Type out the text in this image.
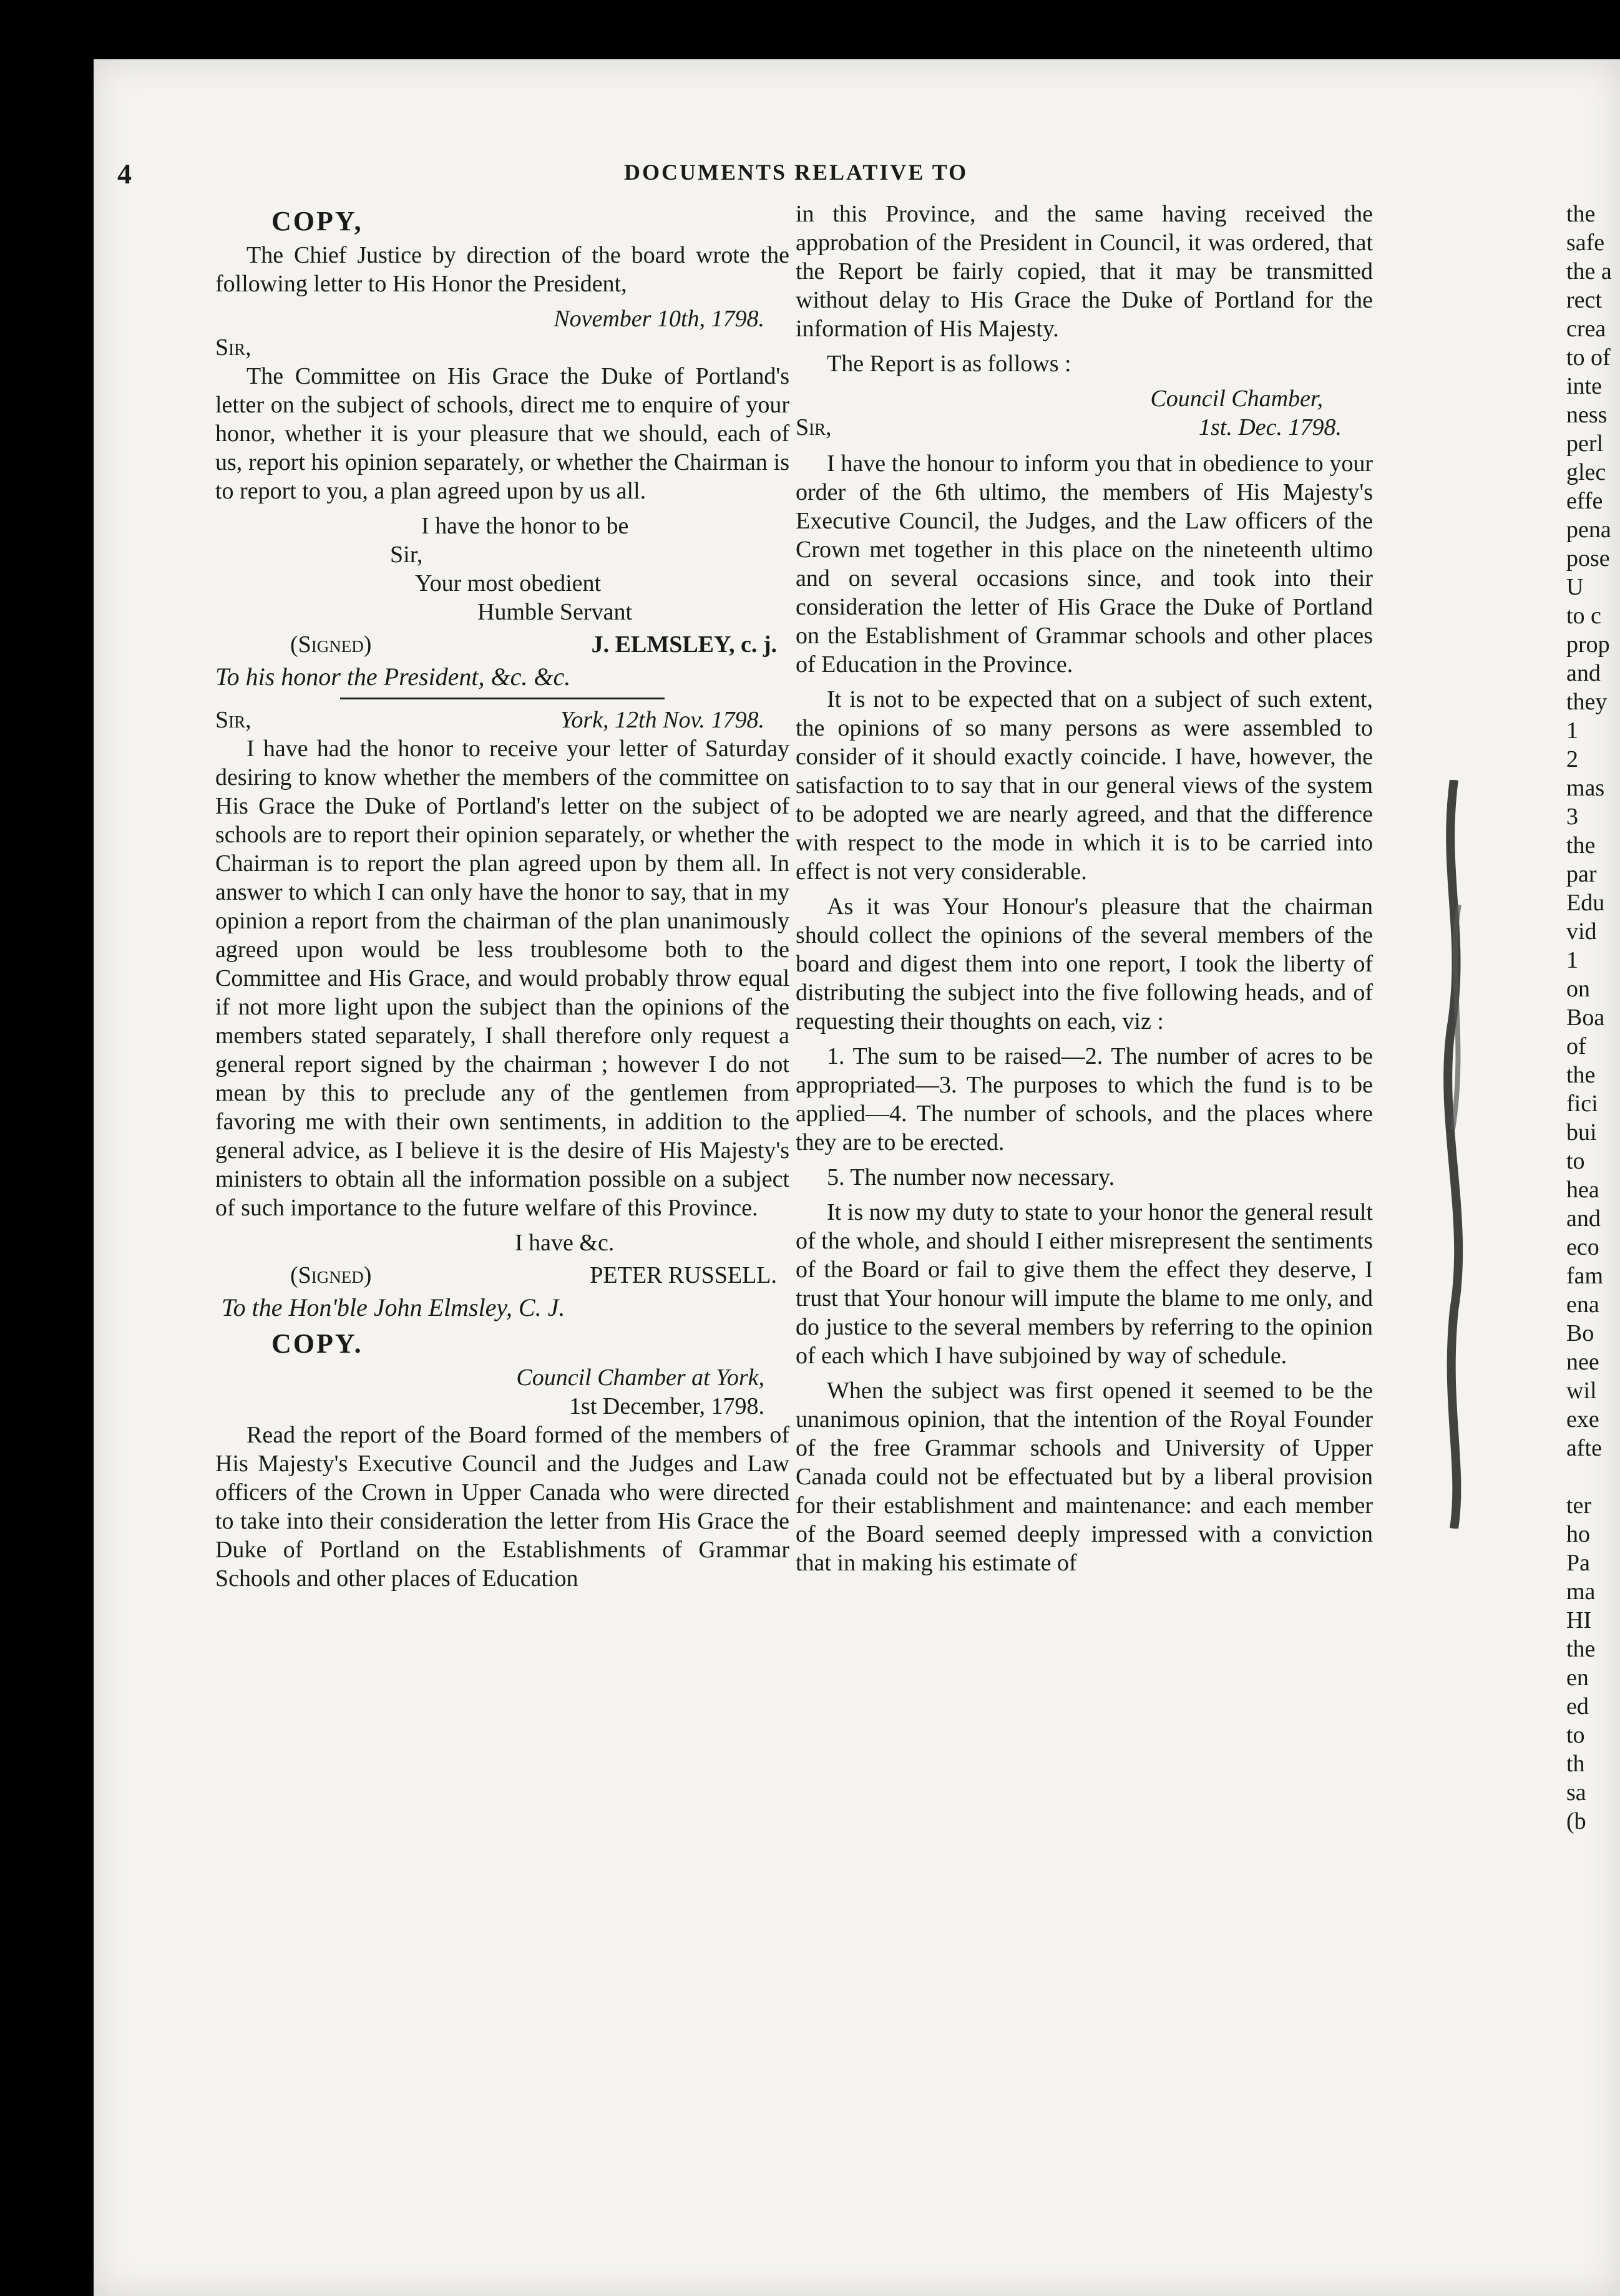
4	DOCUMENTS RELATIVE TO
COPY,

The Chief Justice by direction of the board wrote the following letter to His Honor the President,

November 10th, 1798.
Sir,

The Committee on His Grace the Duke of Portland's letter on the subject of schools, direct me to enquire of your honor, whether it is your pleasure that we should, each of us, report his opinion separately, or whether the Chairman is to report to you, a plan agreed upon by us all.

I have the honor to be
Sir,
Your most obedient
Humble Servant
(Signed)	J. ELMSLEY, c. j.
To his honor the President, &c. &c.
Sir,	York, 12th Nov. 1798.

I have had the honor to receive your letter of Saturday desiring to know whether the members of the committee on His Grace the Duke of Portland's letter on the subject of schools are to report their opinion separately, or whether the Chairman is to report the plan agreed upon by them all. In answer to which I can only have the honor to say, that in my opinion a report from the chairman of the plan unanimously agreed upon would be less troublesome both to the Committee and His Grace, and would probably throw equal if not more light upon the subject than the opinions of the members stated separately, I shall therefore only request a general report signed by the chairman ; however I do not mean by this to preclude any of the gentlemen from favoring me with their own sentiments, in addition to the general advice, as I believe it is the desire of His Majesty's ministers to obtain all the information possible on a subject of such importance to the future welfare of this Province.

I have &c.
(Signed)	PETER RUSSELL.
To the Hon'ble John Elmsley, C. J.
COPY.
Council Chamber at York,
1st December, 1798.

Read the report of the Board formed of the members of His Majesty's Executive Council and the Judges and Law officers of the Crown in Upper Canada who were directed to take into their consideration the letter from His Grace the Duke of Portland on the Establishments of Grammar Schools and other places of Education

in this Province, and the same having received the approbation of the President in Council, it was ordered, that the Report be fairly copied, that it may be transmitted without delay to His Grace the Duke of Portland for the information of His Majesty.

The Report is as follows :

Council Chamber,
Sir,	1st. Dec. 1798.

I have the honour to inform you that in obedience to your order of the 6th ultimo, the members of His Majesty's Executive Council, the Judges, and the Law officers of the Crown met together in this place on the nineteenth ultimo and on several occasions since, and took into their consideration the letter of His Grace the Duke of Portland on the Establishment of Grammar schools and other places of Education in the Province.

It is not to be expected that on a subject of such extent, the opinions of so many persons as were assembled to consider of it should exactly coincide. I have, however, the satisfaction to to say that in our general views of the system to be adopted we are nearly agreed, and that the difference with respect to the mode in which it is to be carried into effect is not very considerable.

As it was Your Honour's pleasure that the chairman should collect the opinions of the several members of the board and digest them into one report, I took the liberty of distributing the subject into the five following heads, and of requesting their thoughts on each, viz :

1. The sum to be raised—2. The number of acres to be appropriated—3. The purposes to which the fund is to be applied—4. The number of schools, and the places where they are to be erected.

5. The number now necessary.

It is now my duty to state to your honor the general result of the whole, and should I either misrepresent the sentiments of the Board or fail to give them the effect they deserve, I trust that Your honour will impute the blame to me only, and do justice to the several members by referring to the opinion of each which I have subjoined by way of schedule.

When the subject was first opened it seemed to be the unanimous opinion, that the intention of the Royal Founder of the free Grammar schools and University of Upper Canada could not be effectuated but by a liberal provision for their establishment and maintenance: and each member of the Board seemed deeply impressed with a conviction that in making his estimate of

the
safe
the a
rect
crea
to of
inte
ness
perl
glec
effe
pena
pose
U
to c
prop
and
they
1
2
mas
3
the
par
Edu
vid
1
on
Boa
of
the
fici
bui
to
hea
and
eco
fam
ena
Bo
nee
wil
exe
afte
ter
ho
Pa
ma
HI
the
en
ed
to
th
sa
(b
